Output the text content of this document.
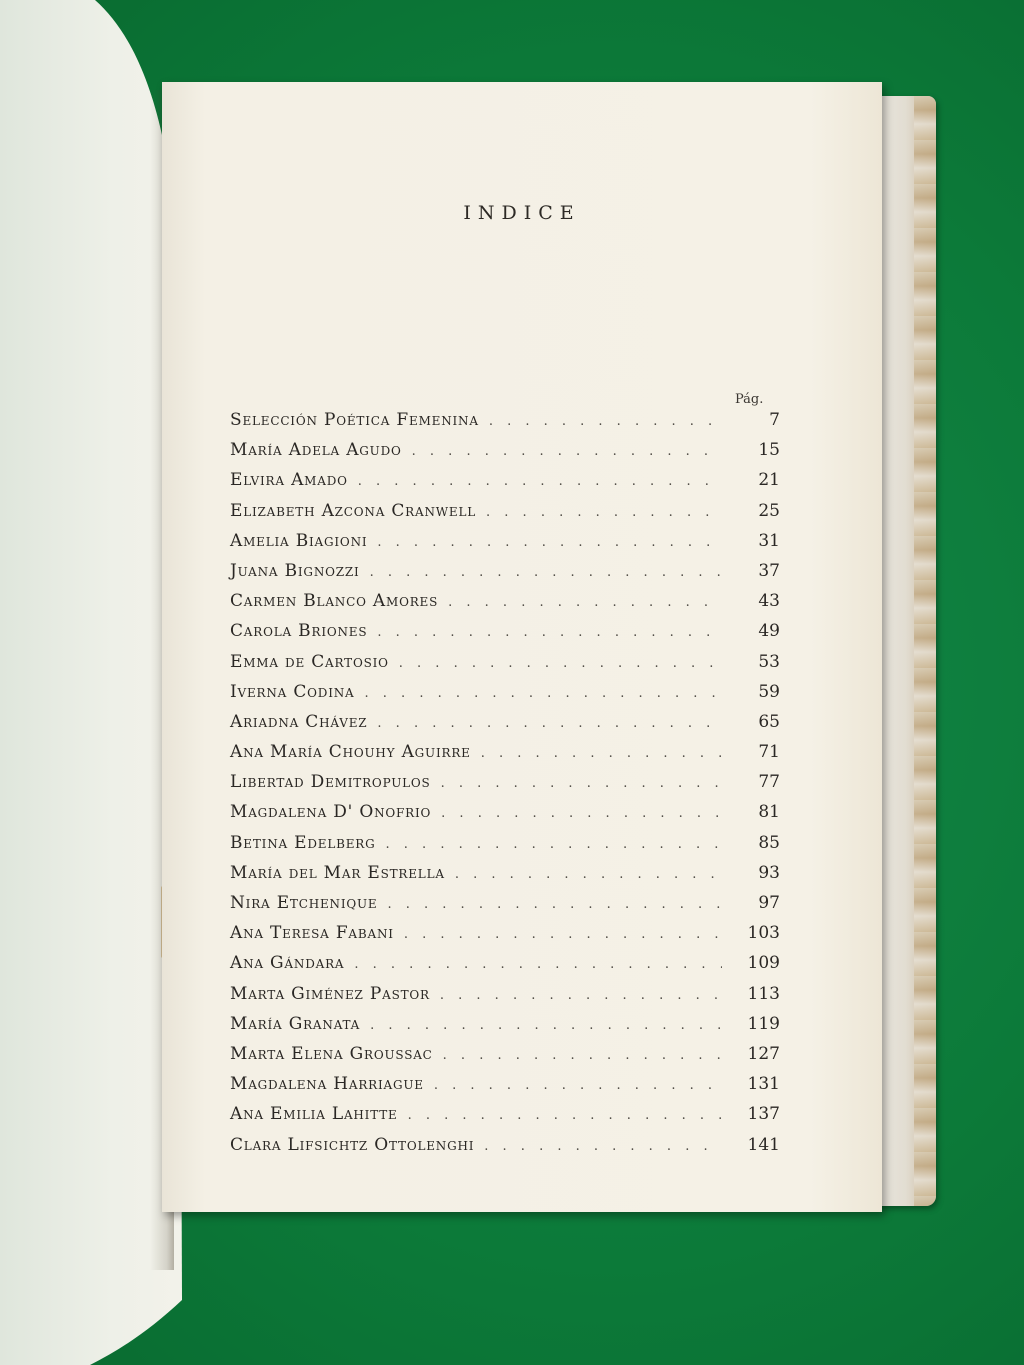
INDICE
Pág.
Selección Poética Femenina . . .	7
María Adela Agudo . . .	15
Elvira Amado . . .	21
Elizabeth Azcona Cranwell . . .	25
Amelia Biagioni . . .	31
Juana Bignozzi . . .	37
Carmen Blanco Amores . . .	43
Carola Briones . . .	49
Emma de Cartosio . . .	53
Iverna Codina . . .	59
Ariadna Chávez . . .	65
Ana María Chouhy Aguirre . . .	71
Libertad Demitropulos . . .	77
Magdalena D' Onofrio . . .	81
Betina Edelberg . . .	85
María del Mar Estrella . . .	93
Nira Etchenique . . .	97
Ana Teresa Fabani . . .	103
Ana Gándara . . .	109
Marta Giménez Pastor . . .	113
María Granata . . .	119
Marta Elena Groussac . . .	127
Magdalena Harriague . . .	131
Ana Emilia Lahitte . . .	137
Clara Lifsichtz Ottolenghi . . .	141
